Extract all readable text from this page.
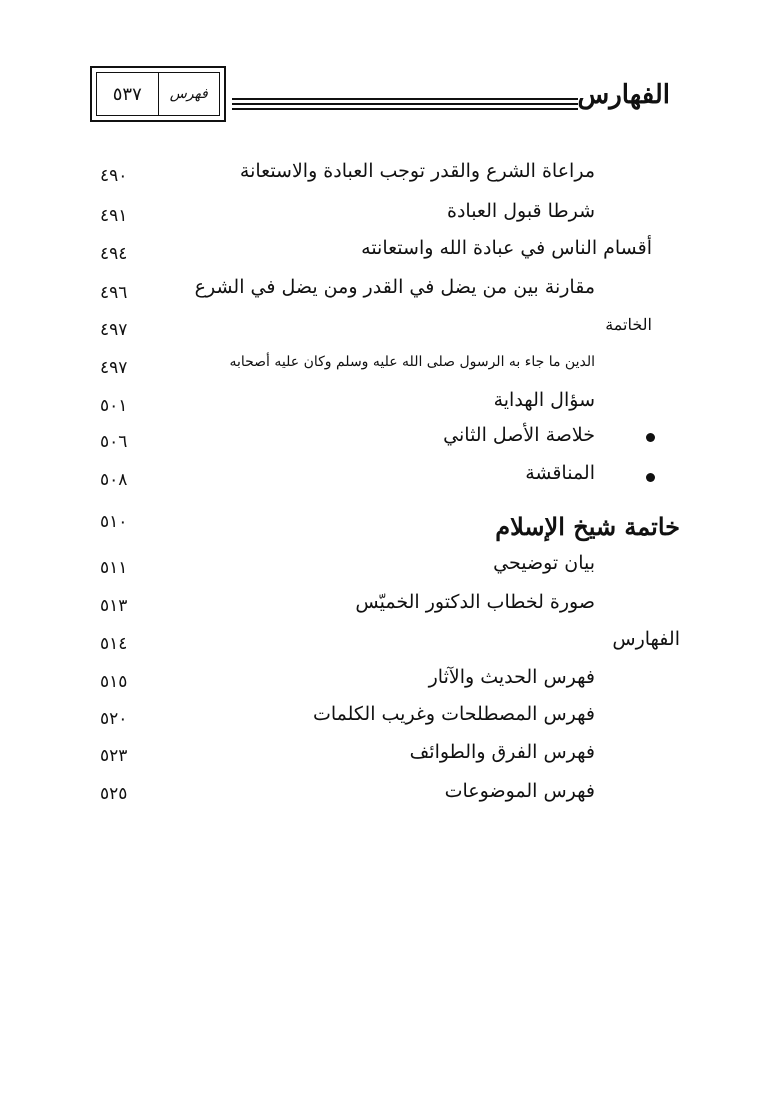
٥٣٧	فهرس	الفهارس
مراعاة الشرع والقدر توجب العبادة والاستعانة
٤٩٠
شرطا قبول العبادة
٤٩١
أقسام الناس في عبادة الله واستعانته
٤٩٤
مقارنة بين من يضل في القدر ومن يضل في الشرع
٤٩٦
الخاتمة
٤٩٧
الدين ما جاء به الرسول صلى الله عليه وسلم وكان عليه أصحابه
٤٩٧
سؤال الهداية
٥٠١
خلاصة الأصل الثاني
٥٠٦
المناقشة
٥٠٨
خاتمة شيخ الإسلام
٥١٠
بيان توضيحي
٥١١
صورة لخطاب الدكتور الخميّس
٥١٣
الفهارس
٥١٤
فهرس الحديث والآثار
٥١٥
فهرس المصطلحات وغريب الكلمات
٥٢٠
فهرس الفرق والطوائف
٥٢٣
فهرس الموضوعات
٥٢٥
